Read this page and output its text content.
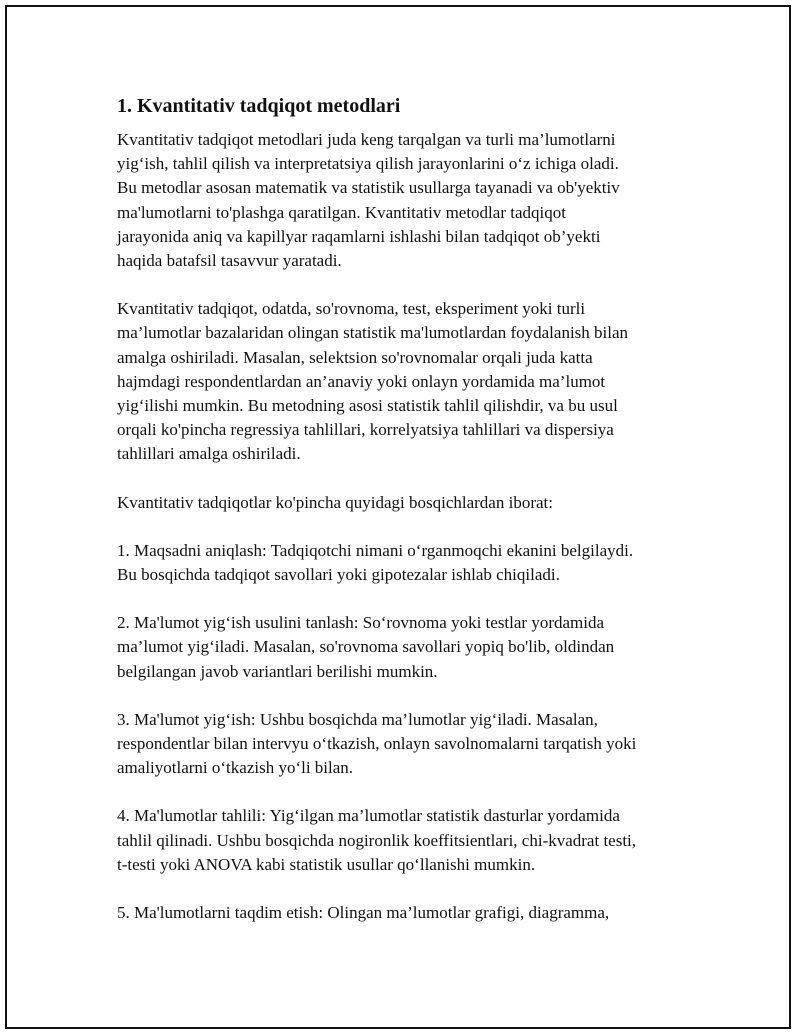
1. Kvantitativ tadqiqot metodlari

Kvantitativ tadqiqot metodlari juda keng tarqalgan va turli ma’lumotlarni
yig‘ish, tahlil qilish va interpretatsiya qilish jarayonlarini o‘z ichiga oladi.
Bu metodlar asosan matematik va statistik usullarga tayanadi va ob'yektiv
ma'lumotlarni to'plashga qaratilgan. Kvantitativ metodlar tadqiqot
jarayonida aniq va kapillyar raqamlarni ishlashi bilan tadqiqot ob’yekti
haqida batafsil tasavvur yaratadi.

Kvantitativ tadqiqot, odatda, so'rovnoma, test, eksperiment yoki turli
ma’lumotlar bazalaridan olingan statistik ma'lumotlardan foydalanish bilan
amalga oshiriladi. Masalan, selektsion so'rovnomalar orqali juda katta
hajmdagi respondentlardan an’anaviy yoki onlayn yordamida ma’lumot
yig‘ilishi mumkin. Bu metodning asosi statistik tahlil qilishdir, va bu usul
orqali ko'pincha regressiya tahlillari, korrelyatsiya tahlillari va dispersiya
tahlillari amalga oshiriladi.

Kvantitativ tadqiqotlar ko'pincha quyidagi bosqichlardan iborat:

1. Maqsadni aniqlash: Tadqiqotchi nimani o‘rganmoqchi ekanini belgilaydi.
Bu bosqichda tadqiqot savollari yoki gipotezalar ishlab chiqiladi.

2. Ma'lumot yig‘ish usulini tanlash: So‘rovnoma yoki testlar yordamida
ma’lumot yig‘iladi. Masalan, so'rovnoma savollari yopiq bo'lib, oldindan
belgilangan javob variantlari berilishi mumkin.

3. Ma'lumot yig‘ish: Ushbu bosqichda ma’lumotlar yig‘iladi. Masalan,
respondentlar bilan intervyu o‘tkazish, onlayn savolnomalarni tarqatish yoki
amaliyotlarni o‘tkazish yo‘li bilan.

4. Ma'lumotlar tahlili: Yig‘ilgan ma’lumotlar statistik dasturlar yordamida
tahlil qilinadi. Ushbu bosqichda nogironlik koeffitsientlari, chi-kvadrat testi,
t-testi yoki ANOVA kabi statistik usullar qo‘llanishi mumkin.

5. Ma'lumotlarni taqdim etish: Olingan ma’lumotlar grafigi, diagramma,
